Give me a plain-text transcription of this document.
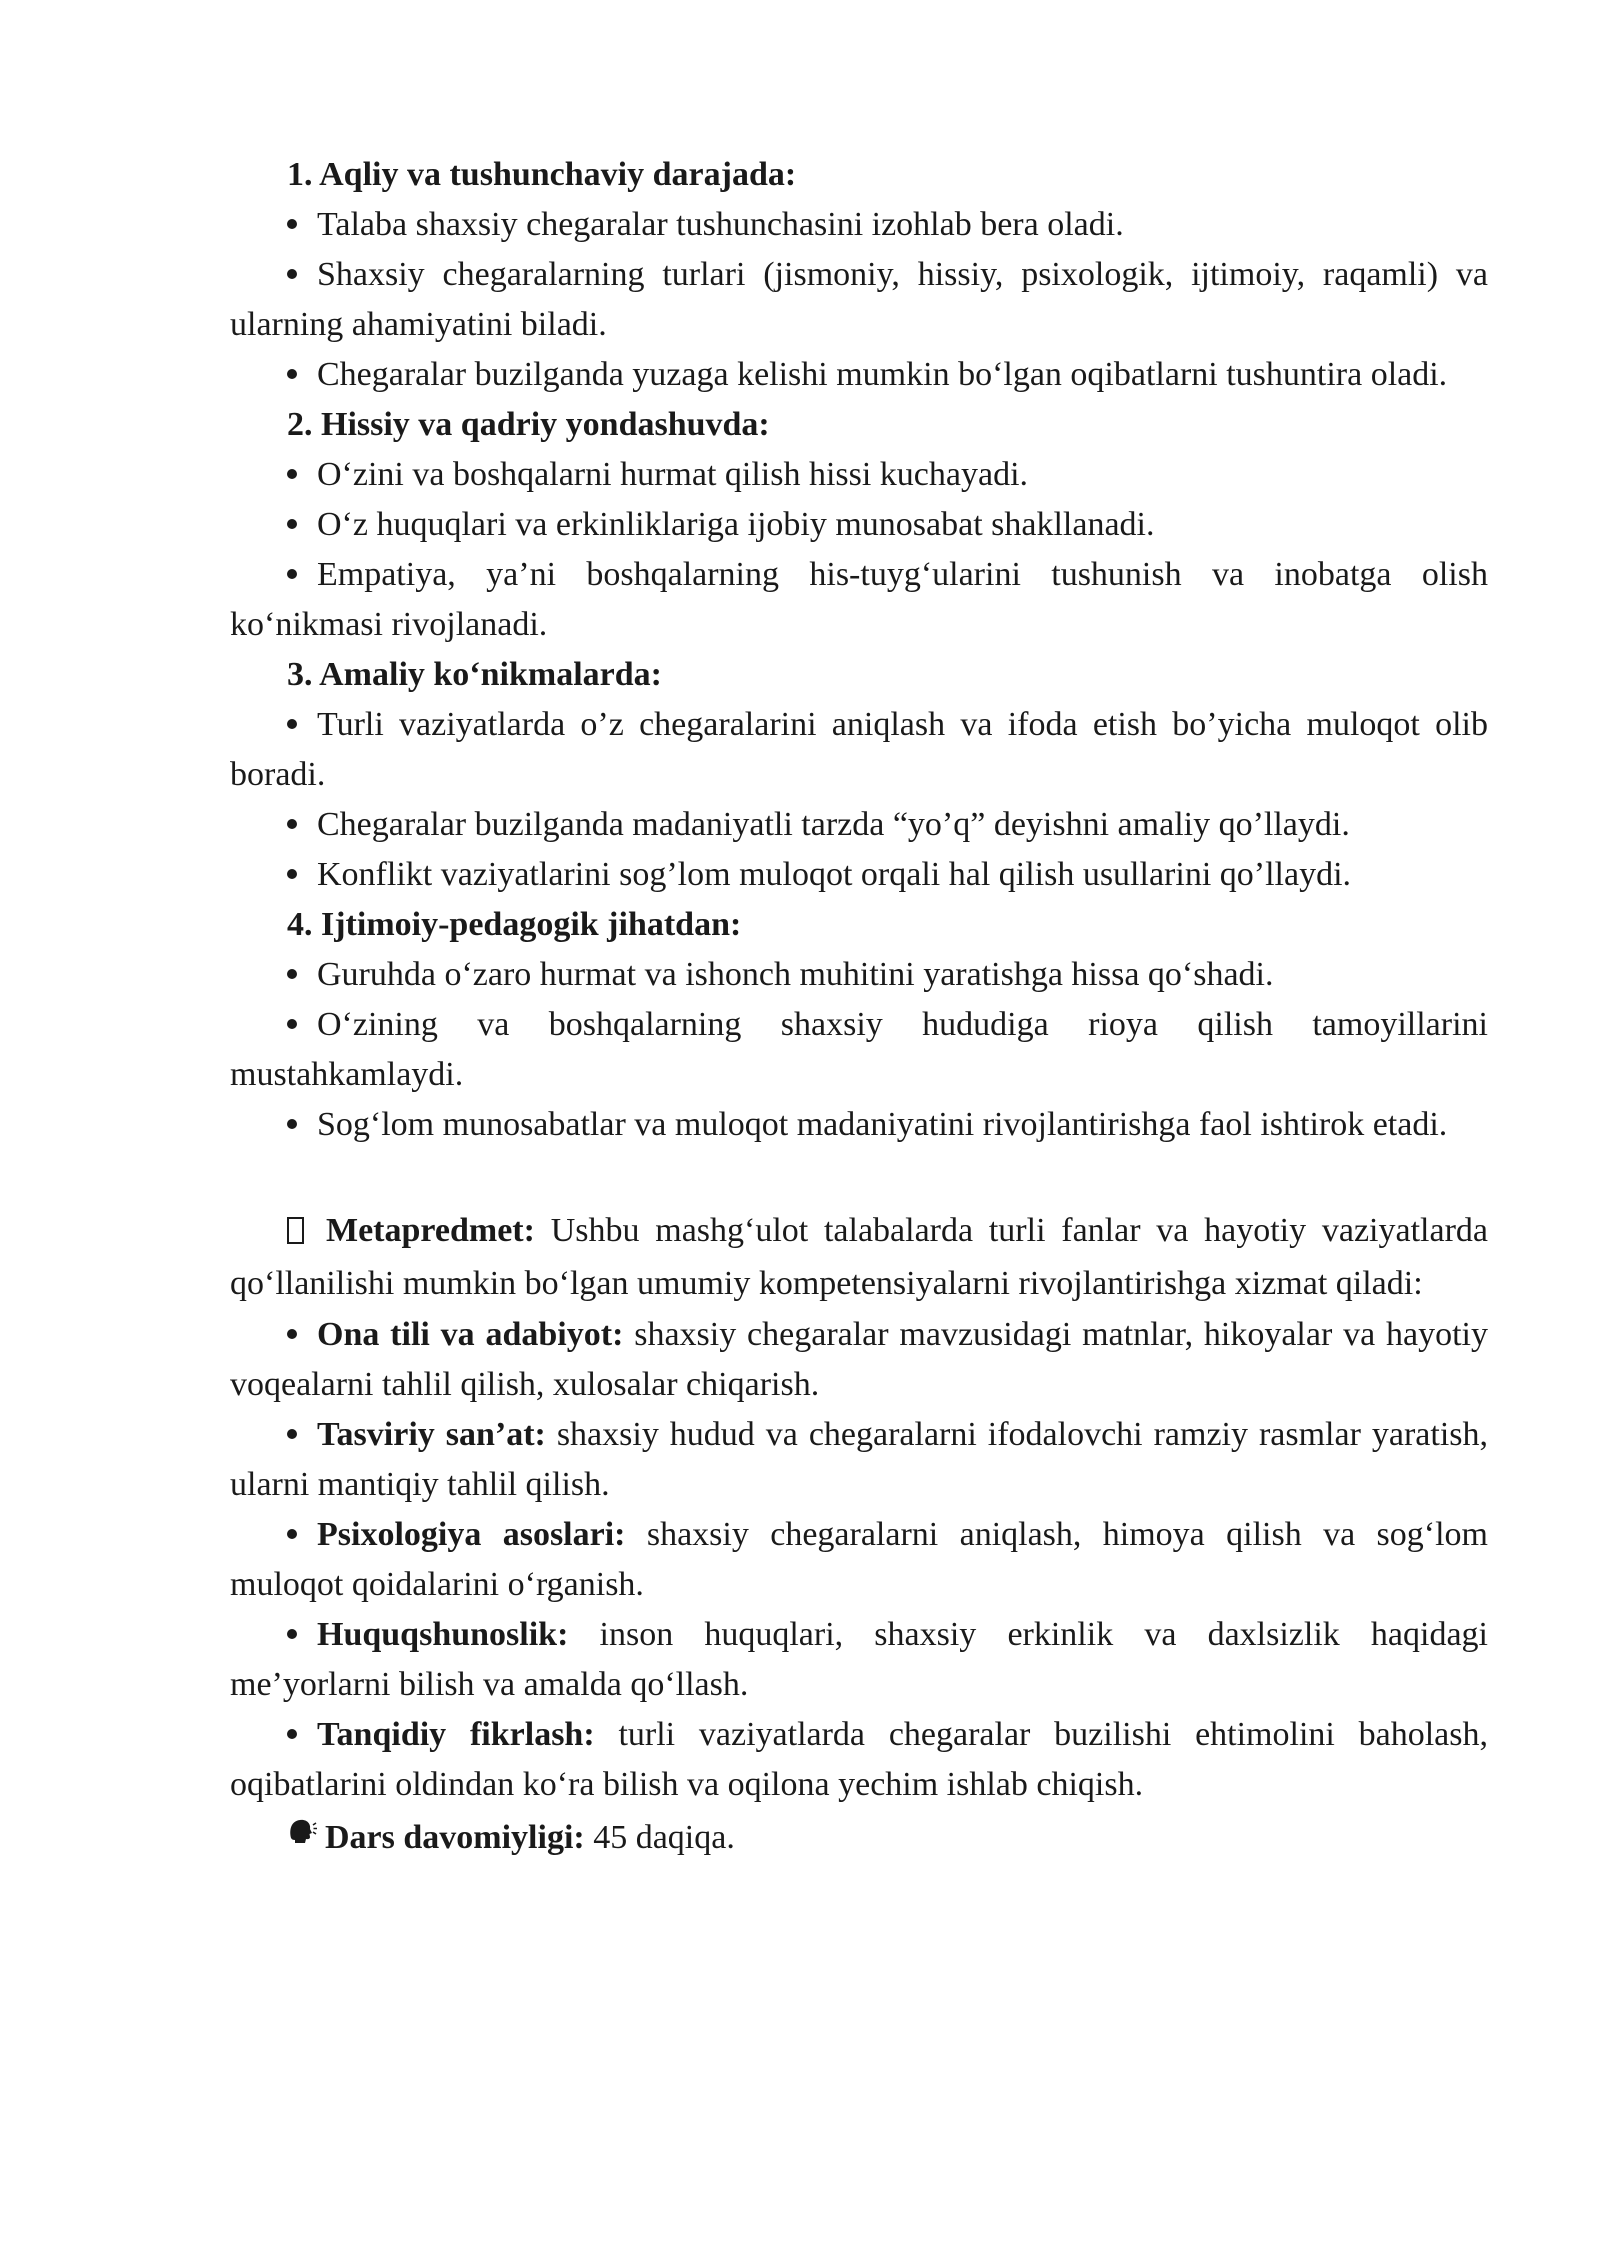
1. Aqliy va tushunchaviy darajada:

Talaba shaxsiy chegaralar tushunchasini izohlab bera oladi.

Shaxsiy chegaralarning turlari (jismoniy, hissiy, psixologik, ijtimoiy, raqamli) va ularning ahamiyatini biladi.

Chegaralar buzilganda yuzaga kelishi mumkin bo‘lgan oqibatlarni tushuntira oladi.

2. Hissiy va qadriy yondashuvda:

O‘zini va boshqalarni hurmat qilish hissi kuchayadi.

O‘z huquqlari va erkinliklariga ijobiy munosabat shakllanadi.

Empatiya, ya’ni boshqalarning his-tuyg‘ularini tushunish va inobatga olish ko‘nikmasi rivojlanadi.

3. Amaliy ko‘nikmalarda:

Turli vaziyatlarda o’z chegaralarini aniqlash va ifoda etish bo’yicha muloqot olib boradi.

Chegaralar buzilganda madaniyatli tarzda “yo’q” deyishni amaliy qo’llaydi.

Konflikt vaziyatlarini sog’lom muloqot orqali hal qilish usullarini qo’llaydi.

4. Ijtimoiy-pedagogik jihatdan:

Guruhda o‘zaro hurmat va ishonch muhitini yaratishga hissa qo‘shadi.

O‘zining va boshqalarning shaxsiy hududiga rioya qilish tamoyillarini mustahkamlaydi.

Sog‘lom munosabatlar va muloqot madaniyatini rivojlantirishga faol ishtirok etadi.

Metapredmet: Ushbu mashg‘ulot talabalarda turli fanlar va hayotiy vaziyatlarda qo‘llanilishi mumkin bo‘lgan umumiy kompetensiyalarni rivojlantirishga xizmat qiladi:

Ona tili va adabiyot: shaxsiy chegaralar mavzusidagi matnlar, hikoyalar va hayotiy voqealarni tahlil qilish, xulosalar chiqarish.

Tasviriy san’at: shaxsiy hudud va chegaralarni ifodalovchi ramziy rasmlar yaratish, ularni mantiqiy tahlil qilish.

Psixologiya asoslari: shaxsiy chegaralarni aniqlash, himoya qilish va sog‘lom muloqot qoidalarini o‘rganish.

Huquqshunoslik: inson huquqlari, shaxsiy erkinlik va daxlsizlik haqidagi me’yorlarni bilish va amalda qo‘llash.

Tanqidiy fikrlash: turli vaziyatlarda chegaralar buzilishi ehtimolini baholash, oqibatlarini oldindan ko‘ra bilish va oqilona yechim ishlab chiqish.

Dars davomiyligi: 45 daqiqa.
